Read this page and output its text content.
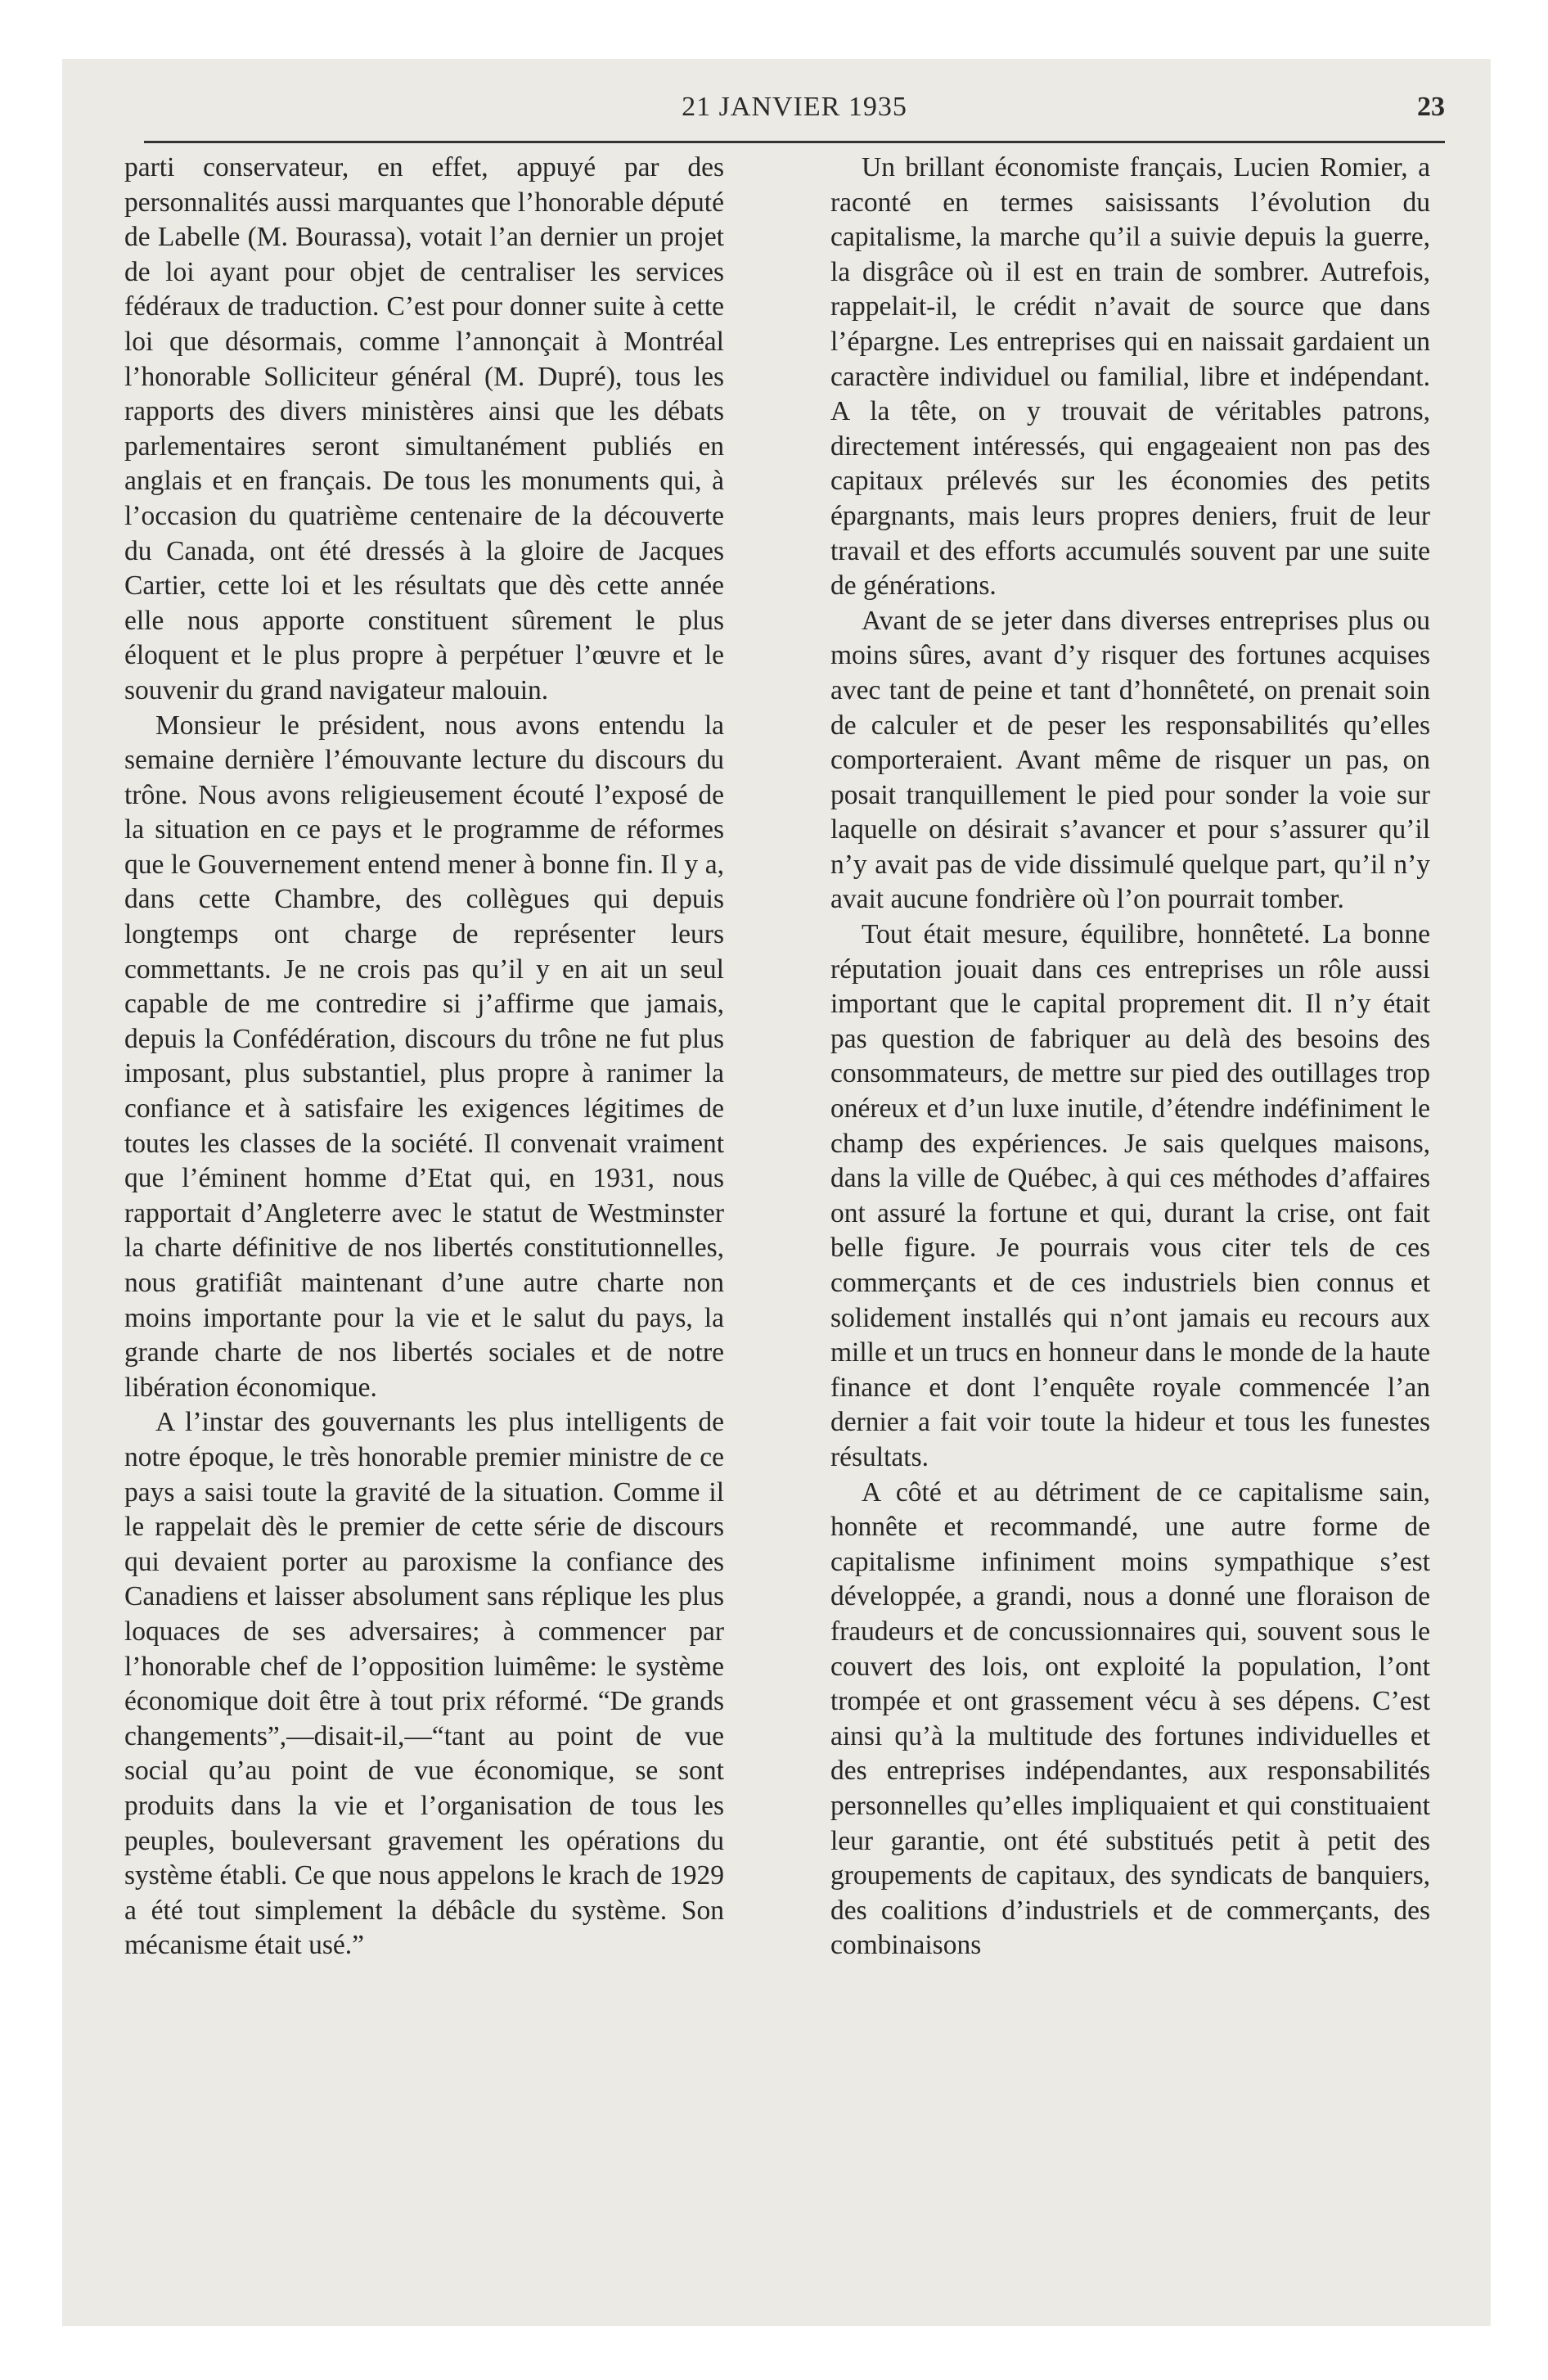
21 JANVIER 1935	23

parti conservateur, en effet, appuyé par des personnalités aussi marquantes que l’honorable député de Labelle (M. Bourassa), votait l’an dernier un projet de loi ayant pour objet de centraliser les services fédéraux de traduction. C’est pour donner suite à cette loi que désormais, comme l’annonçait à Montréal l’honorable Solliciteur général (M. Dupré), tous les rapports des divers ministères ainsi que les débats parlementaires seront simultanément publiés en anglais et en français. De tous les monuments qui, à l’occasion du quatrième centenaire de la découverte du Canada, ont été dressés à la gloire de Jacques Cartier, cette loi et les résultats que dès cette année elle nous apporte constituent sûrement le plus éloquent et le plus propre à perpétuer l’œuvre et le souvenir du grand navigateur malouin.

Monsieur le président, nous avons entendu la semaine dernière l’émouvante lecture du discours du trône. Nous avons religieusement écouté l’exposé de la situation en ce pays et le programme de réformes que le Gouvernement entend mener à bonne fin. Il y a, dans cette Chambre, des collègues qui depuis longtemps ont charge de représenter leurs commettants. Je ne crois pas qu’il y en ait un seul capable de me contredire si j’affirme que jamais, depuis la Confédération, discours du trône ne fut plus imposant, plus substantiel, plus propre à ranimer la confiance et à satisfaire les exigences légitimes de toutes les classes de la société. Il convenait vraiment que l’éminent homme d’Etat qui, en 1931, nous rapportait d’Angleterre avec le statut de Westminster la charte définitive de nos libertés constitutionnelles, nous gratifiât maintenant d’une autre charte non moins importante pour la vie et le salut du pays, la grande charte de nos libertés sociales et de notre libération économique.

A l’instar des gouvernants les plus intelligents de notre époque, le très honorable premier ministre de ce pays a saisi toute la gravité de la situation. Comme il le rappelait dès le premier de cette série de discours qui devaient porter au paroxisme la confiance des Canadiens et laisser absolument sans réplique les plus loquaces de ses adversaires; à commencer par l’honorable chef de l’opposition luimême: le système économique doit être à tout prix réformé. “De grands changements”,—disait-il,—“tant au point de vue social qu’au point de vue économique, se sont produits dans la vie et l’organisation de tous les peuples, bouleversant gravement les opérations du système établi. Ce que nous appelons le krach de 1929 a été tout simplement la débâcle du système. Son mécanisme était usé.”

Un brillant économiste français, Lucien Romier, a raconté en termes saisissants l’évolution du capitalisme, la marche qu’il a suivie depuis la guerre, la disgrâce où il est en train de sombrer. Autrefois, rappelait-il, le crédit n’avait de source que dans l’épargne. Les entreprises qui en naissait gardaient un caractère individuel ou familial, libre et indépendant. A la tête, on y trouvait de véritables patrons, directement intéressés, qui engageaient non pas des capitaux prélevés sur les économies des petits épargnants, mais leurs propres deniers, fruit de leur travail et des efforts accumulés souvent par une suite de générations.

Avant de se jeter dans diverses entreprises plus ou moins sûres, avant d’y risquer des fortunes acquises avec tant de peine et tant d’honnêteté, on prenait soin de calculer et de peser les responsabilités qu’elles comporteraient. Avant même de risquer un pas, on posait tranquillement le pied pour sonder la voie sur laquelle on désirait s’avancer et pour s’assurer qu’il n’y avait pas de vide dissimulé quelque part, qu’il n’y avait aucune fondrière où l’on pourrait tomber.

Tout était mesure, équilibre, honnêteté. La bonne réputation jouait dans ces entreprises un rôle aussi important que le capital proprement dit. Il n’y était pas question de fabriquer au delà des besoins des consommateurs, de mettre sur pied des outillages trop onéreux et d’un luxe inutile, d’étendre indéfiniment le champ des expériences. Je sais quelques maisons, dans la ville de Québec, à qui ces méthodes d’affaires ont assuré la fortune et qui, durant la crise, ont fait belle figure. Je pourrais vous citer tels de ces commerçants et de ces industriels bien connus et solidement installés qui n’ont jamais eu recours aux mille et un trucs en honneur dans le monde de la haute finance et dont l’enquête royale commencée l’an dernier a fait voir toute la hideur et tous les funestes résultats.

A côté et au détriment de ce capitalisme sain, honnête et recommandé, une autre forme de capitalisme infiniment moins sympathique s’est développée, a grandi, nous a donné une floraison de fraudeurs et de concussionnaires qui, souvent sous le couvert des lois, ont exploité la population, l’ont trompée et ont grassement vécu à ses dépens. C’est ainsi qu’à la multitude des fortunes individuelles et des entreprises indépendantes, aux responsabilités personnelles qu’elles impliquaient et qui constituaient leur garantie, ont été substitués petit à petit des groupements de capitaux, des syndicats de banquiers, des coalitions d’industriels et de commerçants, des combinaisons
